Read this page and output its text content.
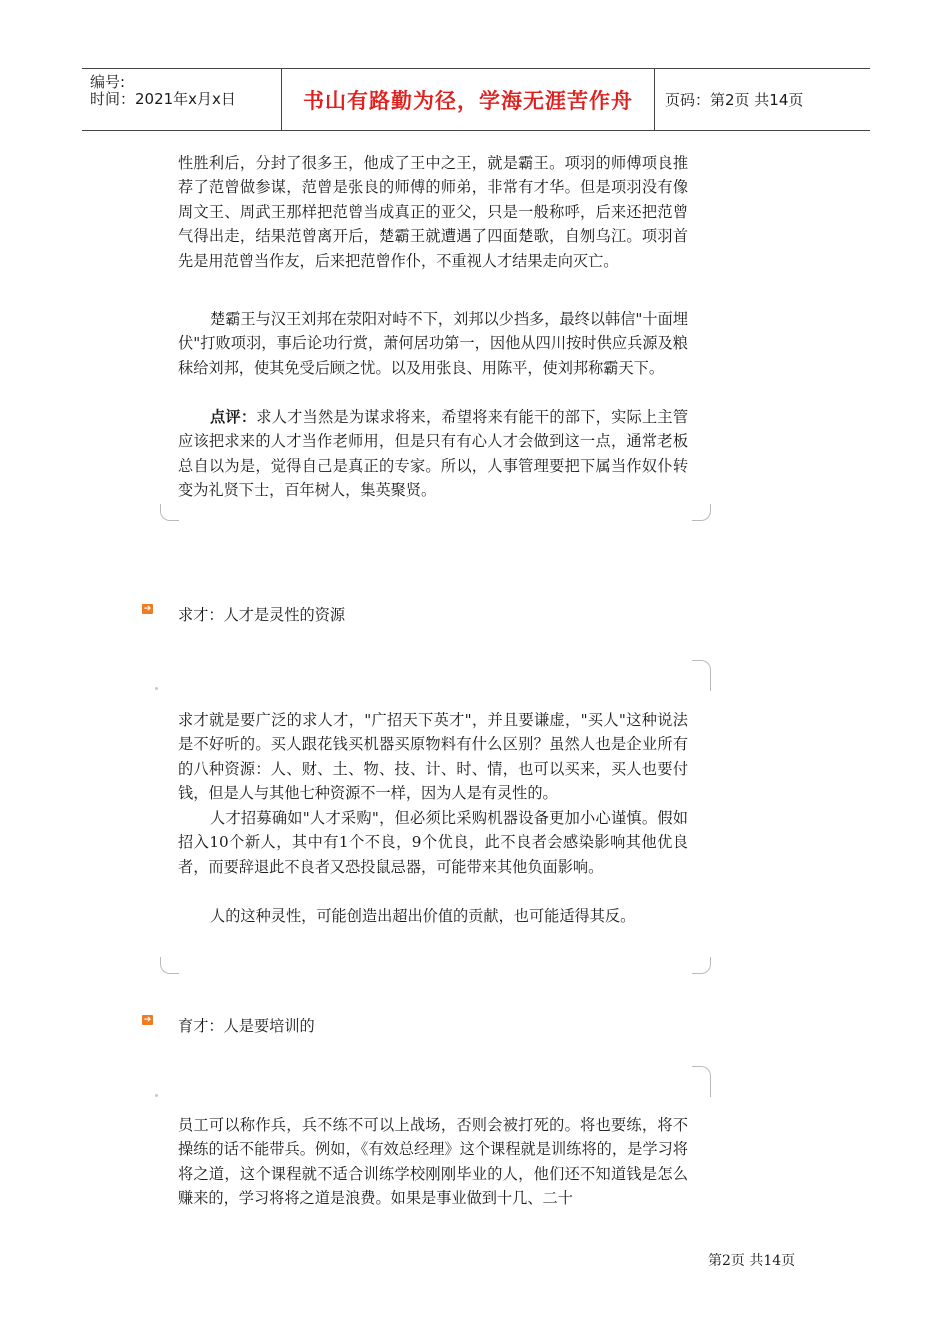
编号:
时间：2021年x月x日	书山有路勤为径，学海无涯苦作舟 页码：第2页 共14页

性胜利后，分封了很多王，他成了王中之王，就是霸王。项羽的师傅项良推荐了范曾做参谋，范曾是张良的师傅的师弟，非常有才华。但是项羽没有像周文王、周武王那样把范曾当成真正的亚父，只是一般称呼，后来还把范曾气得出走，结果范曾离开后，楚霸王就遭遇了四面楚歌，自刎乌江。项羽首先是用范曾当作友，后来把范曾作仆，不重视人才结果走向灭亡。

楚霸王与汉王刘邦在荥阳对峙不下，刘邦以少挡多，最终以韩信"十面埋伏"打败项羽，事后论功行赏，萧何居功第一，因他从四川按时供应兵源及粮秣给刘邦，使其免受后顾之忧。以及用张良、用陈平，使刘邦称霸天下。

点评：求人才当然是为谋求将来，希望将来有能干的部下，实际上主管应该把求来的人才当作老师用，但是只有有心人才会做到这一点，通常老板总自以为是，觉得自己是真正的专家。所以，人事管理要把下属当作奴仆转变为礼贤下士，百年树人，集英聚贤。

➔ 求才：人才是灵性的资源

求才就是要广泛的求人才，"广招天下英才"，并且要谦虚，"买人"这种说法是不好听的。买人跟花钱买机器买原物料有什么区别？虽然人也是企业所有的八种资源：人、财、土、物、技、计、时、情，也可以买来，买人也要付钱，但是人与其他七种资源不一样，因为人是有灵性的。

人才招募确如"人才采购"，但必须比采购机器设备更加小心谨慎。假如招入10个新人，其中有1个不良，9个优良，此不良者会感染影响其他优良者，而要辞退此不良者又恐投鼠忌器，可能带来其他负面影响。

人的这种灵性，可能创造出超出价值的贡献，也可能适得其反。

➔ 育才：人是要培训的

员工可以称作兵，兵不练不可以上战场，否则会被打死的。将也要练，将不操练的话不能带兵。例如，《有效总经理》这个课程就是训练将的，是学习将将之道，这个课程就不适合训练学校刚刚毕业的人，他们还不知道钱是怎么赚来的，学习将将之道是浪费。如果是事业做到十几、二十

第2页 共14页
